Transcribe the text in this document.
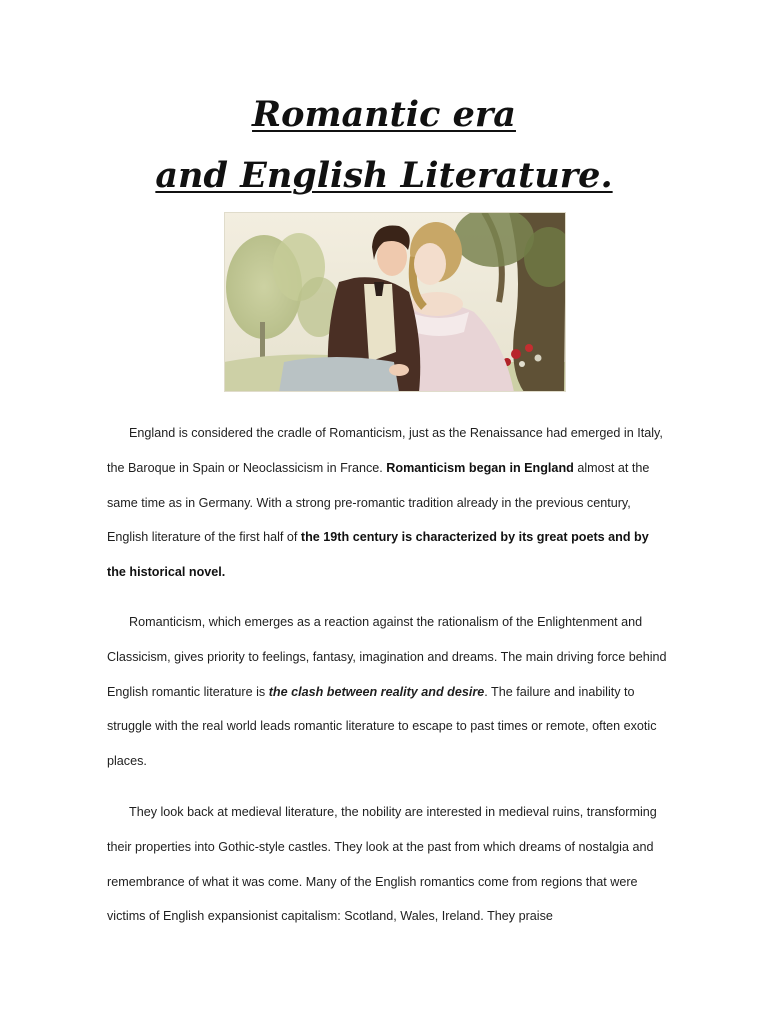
Romantic era
and English Literature.

England is considered the cradle of Romanticism, just as the Renaissance had emerged in Italy, the Baroque in Spain or Neoclassicism in France. Romanticism began in England almost at the same time as in Germany. With a strong pre-romantic tradition already in the previous century, English literature of the first half of the 19th century is characterized by its great poets and by the historical novel.

Romanticism, which emerges as a reaction against the rationalism of the Enlightenment and Classicism, gives priority to feelings, fantasy, imagination and dreams. The main driving force behind English romantic literature is the clash between reality and desire. The failure and inability to struggle with the real world leads romantic literature to escape to past times or remote, often exotic places.

They look back at medieval literature, the nobility are interested in medieval ruins, transforming their properties into Gothic-style castles. They look at the past from which dreams of nostalgia and remembrance of what it was come. Many of the English romantics come from regions that were victims of English expansionist capitalism: Scotland, Wales, Ireland. They praise
